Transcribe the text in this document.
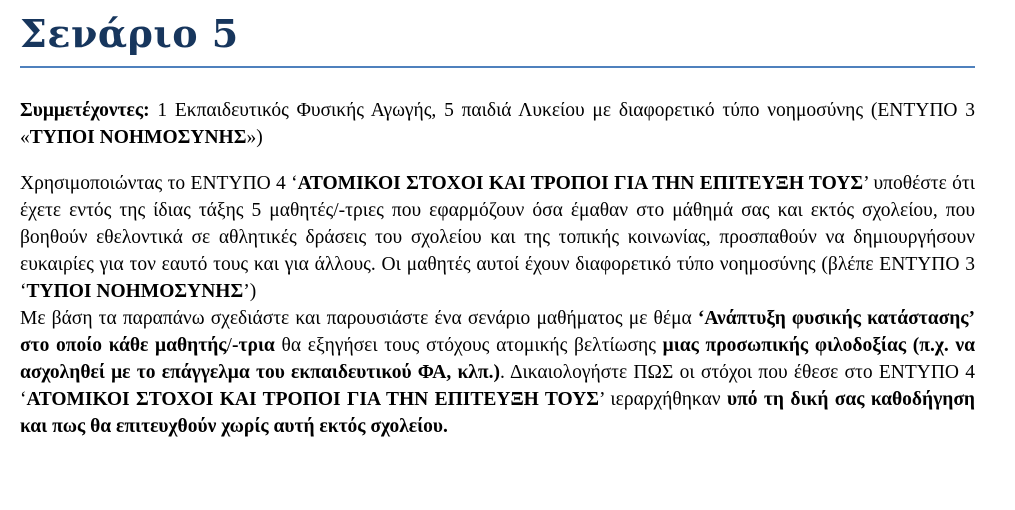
Σενάριο 5

Συμμετέχοντες: 1 Εκπαιδευτικός Φυσικής Αγωγής, 5 παιδιά Λυκείου με διαφορετικό τύπο νοημοσύνης (ΕΝΤΥΠΟ 3 «ΤΥΠΟΙ ΝΟΗΜΟΣΥΝΗΣ»)

Χρησιμοποιώντας το ΕΝΤΥΠΟ 4 ‘ΑΤΟΜΙΚΟΙ ΣΤΟΧΟΙ ΚΑΙ ΤΡΟΠΟΙ ΓΙΑ ΤΗΝ ΕΠΙΤΕΥΞΗ ΤΟΥΣ’ υποθέστε ότι έχετε εντός της ίδιας τάξης 5 μαθητές/-τριες που εφαρμόζουν όσα έμαθαν στο μάθημά σας και εκτός σχολείου, που βοηθούν εθελοντικά σε αθλητικές δράσεις του σχολείου και της τοπικής κοινωνίας, προσπαθούν να δημιουργήσουν ευκαιρίες για τον εαυτό τους και για άλλους. Οι μαθητές αυτοί έχουν διαφορετικό τύπο νοημοσύνης (βλέπε ΕΝΤΥΠΟ 3 ‘ΤΥΠΟΙ ΝΟΗΜΟΣΥΝΗΣ’)
Με βάση τα παραπάνω σχεδιάστε και παρουσιάστε ένα σενάριο μαθήματος με θέμα ‘Ανάπτυξη φυσικής κατάστασης’ στο οποίο κάθε μαθητής/-τρια θα εξηγήσει τους στόχους ατομικής βελτίωσης μιας προσωπικής φιλοδοξίας (π.χ. να ασχοληθεί με το επάγγελμα του εκπαιδευτικού ΦΑ, κλπ.). Δικαιολογήστε ΠΩΣ οι στόχοι που έθεσε στο ΕΝΤΥΠΟ 4 ‘ΑΤΟΜΙΚΟΙ ΣΤΟΧΟΙ ΚΑΙ ΤΡΟΠΟΙ ΓΙΑ ΤΗΝ ΕΠΙΤΕΥΞΗ ΤΟΥΣ’ ιεραρχήθηκαν υπό τη δική σας καθοδήγηση και πως θα επιτευχθούν χωρίς αυτή εκτός σχολείου.
